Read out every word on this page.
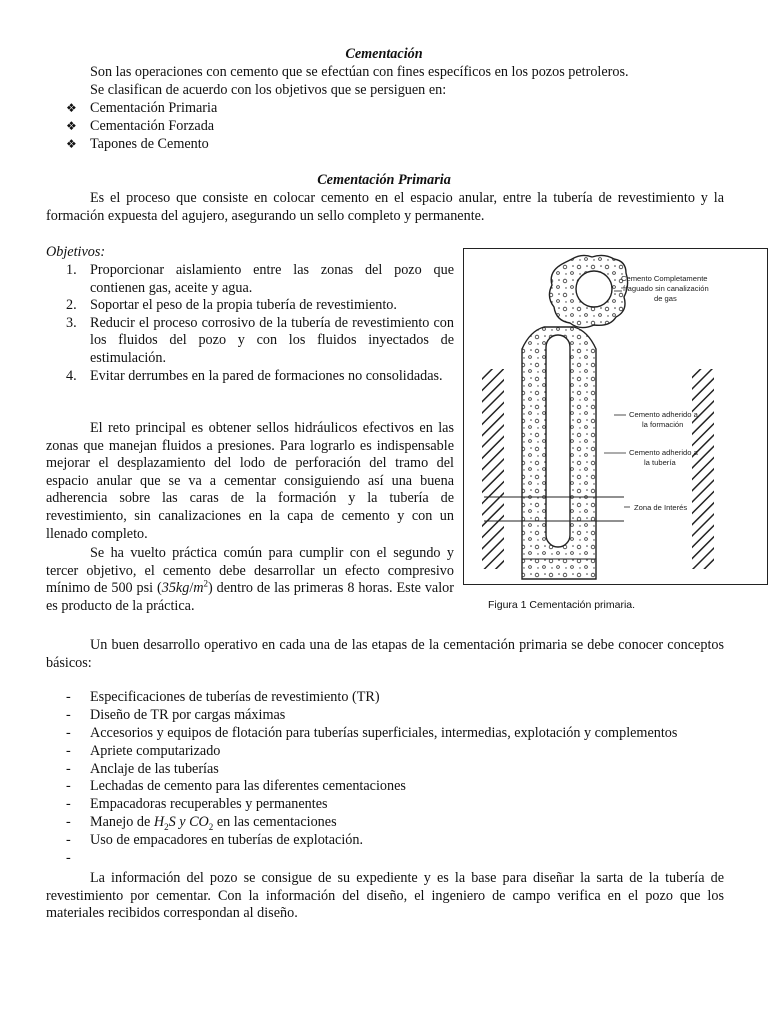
Cementación
Son las operaciones con cemento que se efectúan con fines específicos en los pozos petroleros.
Se clasifican de acuerdo con los objetivos que se persiguen en:
❖ Cementación Primaria
❖ Cementación Forzada
❖ Tapones de Cemento
Cementación Primaria
Es el proceso que consiste en colocar cemento en el espacio anular, entre la tubería de revestimiento y la formación expuesta del agujero, asegurando un sello completo y permanente.
Objetivos:
1. Proporcionar aislamiento entre las zonas del pozo que contienen gas, aceite y agua.
2. Soportar el peso de la propia tubería de revestimiento.
3. Reducir el proceso corrosivo de la tubería de revestimiento con los fluidos del pozo y con los fluidos inyectados de estimulación.
4. Evitar derrumbes en la pared de formaciones no consolidadas.
El reto principal es obtener sellos hidráulicos efectivos en las zonas que manejan fluidos a presiones. Para lograrlo es indispensable mejorar el desplazamiento del lodo de perforación del tramo del espacio anular que se va a cementar consiguiendo así una buena adherencia sobre las caras de la formación y la tubería de revestimiento, sin canalizaciones en la capa de cemento y con un llenado completo.
Se ha vuelto práctica común para cumplir con el segundo y tercer objetivo, el cemento debe desarrollar un efecto compresivo mínimo de 500 psi $(35kg/m^2)$ dentro de las primeras 8 horas. Este valor es producto de la práctica.
Cemento Completamente
fraguado sin canalización
de gas
Cemento adherido a
la formación
Cemento adherido a
la tubería
Zona de Interés
Figura 1 Cementación primaria.
Un buen desarrollo operativo en cada una de las etapas de la cementación primaria se debe conocer conceptos básicos:
- Especificaciones de tuberías de revestimiento (TR)
- Diseño de TR por cargas máximas
- Accesorios y equipos de flotación para tuberías superficiales, intermedias, explotación y complementos
- Apriete computarizado
- Anclaje de las tuberías
- Lechadas de cemento para las diferentes cementaciones
- Empacadoras recuperables y permanentes
- Manejo de $H_2S$ y $CO_2$ en las cementaciones
- Uso de empacadores en tuberías de explotación.
-
La información del pozo se consigue de su expediente y es la base para diseñar la sarta de la tubería de revestimiento por cementar. Con la información del diseño, el ingeniero de campo verifica en el pozo que los materiales recibidos correspondan al diseño.
